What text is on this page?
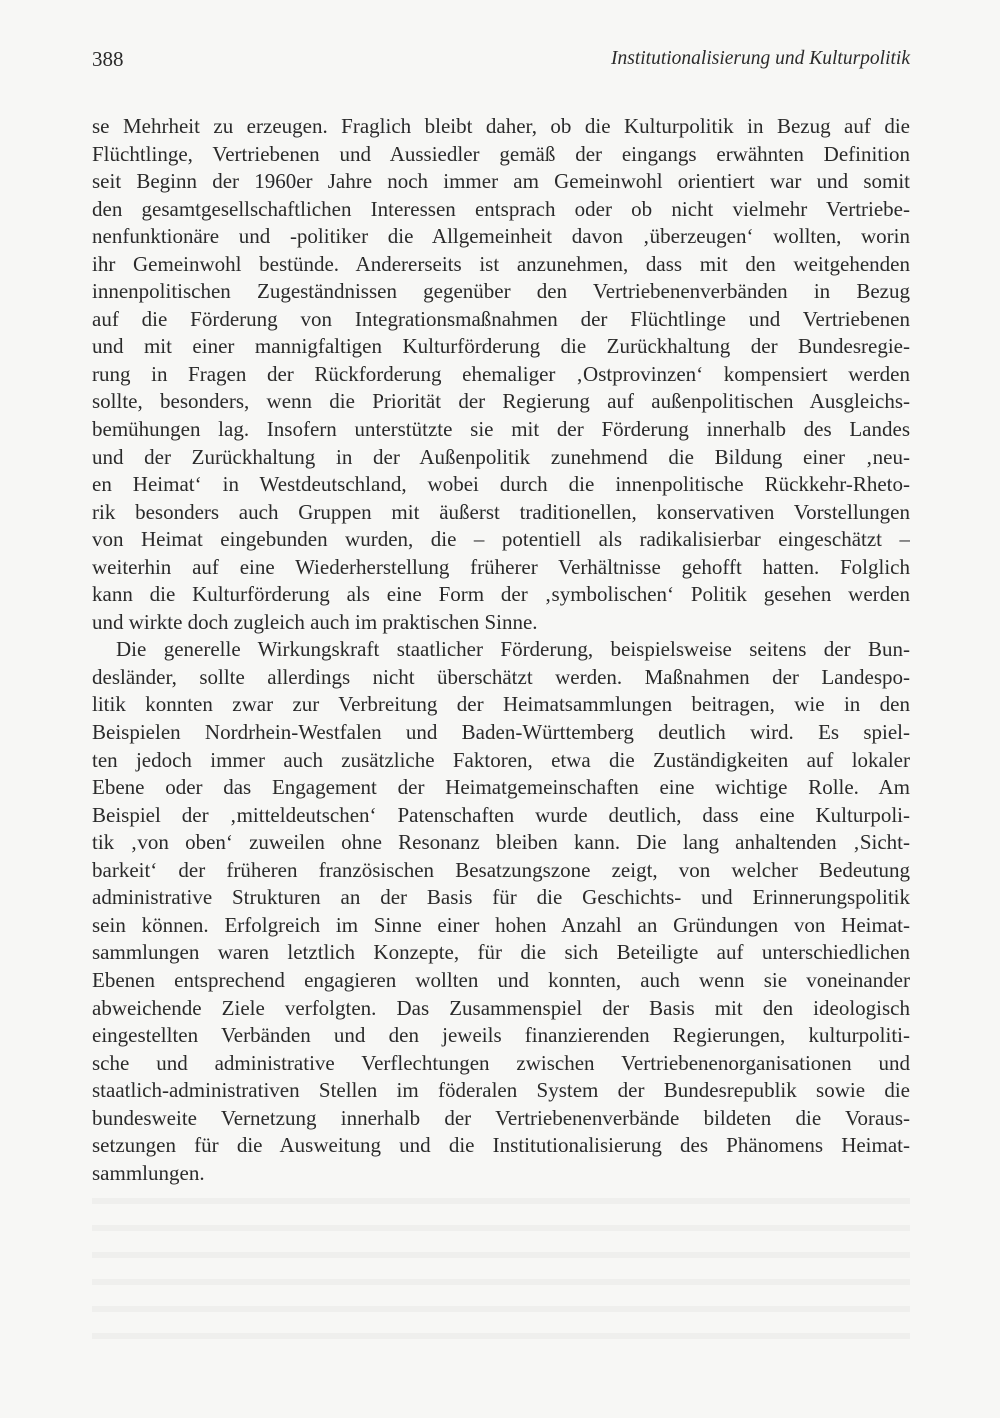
388	Institutionalisierung und Kulturpolitik
se Mehrheit zu erzeugen. Fraglich bleibt daher, ob die Kulturpolitik in Bezug auf die
Flüchtlinge, Vertriebenen und Aussiedler gemäß der eingangs erwähnten Definition
seit Beginn der 1960er Jahre noch immer am Gemeinwohl orientiert war und somit
den gesamtgesellschaftlichen Interessen entsprach oder ob nicht vielmehr Vertriebe-
nenfunktionäre und -politiker die Allgemeinheit davon ‚überzeugen‘ wollten, worin
ihr Gemeinwohl bestünde. Andererseits ist anzunehmen, dass mit den weitgehenden
innenpolitischen Zugeständnissen gegenüber den Vertriebenenverbänden in Bezug
auf die Förderung von Integrationsmaßnahmen der Flüchtlinge und Vertriebenen
und mit einer mannigfaltigen Kulturförderung die Zurückhaltung der Bundesregie-
rung in Fragen der Rückforderung ehemaliger ‚Ostprovinzen‘ kompensiert werden
sollte, besonders, wenn die Priorität der Regierung auf außenpolitischen Ausgleichs-
bemühungen lag. Insofern unterstützte sie mit der Förderung innerhalb des Landes
und der Zurückhaltung in der Außenpolitik zunehmend die Bildung einer ‚neu-
en Heimat‘ in Westdeutschland, wobei durch die innenpolitische Rückkehr-Rheto-
rik besonders auch Gruppen mit äußerst traditionellen, konservativen Vorstellungen
von Heimat eingebunden wurden, die – potentiell als radikalisierbar eingeschätzt –
weiterhin auf eine Wiederherstellung früherer Verhältnisse gehofft hatten. Folglich
kann die Kulturförderung als eine Form der ‚symbolischen‘ Politik gesehen werden
und wirkte doch zugleich auch im praktischen Sinne.
Die generelle Wirkungskraft staatlicher Förderung, beispielsweise seitens der Bun-
desländer, sollte allerdings nicht überschätzt werden. Maßnahmen der Landespo-
litik konnten zwar zur Verbreitung der Heimatsammlungen beitragen, wie in den
Beispielen Nordrhein-Westfalen und Baden-Württemberg deutlich wird. Es spiel-
ten jedoch immer auch zusätzliche Faktoren, etwa die Zuständigkeiten auf lokaler
Ebene oder das Engagement der Heimatgemeinschaften eine wichtige Rolle. Am
Beispiel der ‚mitteldeutschen‘ Patenschaften wurde deutlich, dass eine Kulturpoli-
tik ‚von oben‘ zuweilen ohne Resonanz bleiben kann. Die lang anhaltenden ‚Sicht-
barkeit‘ der früheren französischen Besatzungszone zeigt, von welcher Bedeutung
administrative Strukturen an der Basis für die Geschichts- und Erinnerungspolitik
sein können. Erfolgreich im Sinne einer hohen Anzahl an Gründungen von Heimat-
sammlungen waren letztlich Konzepte, für die sich Beteiligte auf unterschiedlichen
Ebenen entsprechend engagieren wollten und konnten, auch wenn sie voneinander
abweichende Ziele verfolgten. Das Zusammenspiel der Basis mit den ideologisch
eingestellten Verbänden und den jeweils finanzierenden Regierungen, kulturpoliti-
sche und administrative Verflechtungen zwischen Vertriebenenorganisationen und
staatlich-administrativen Stellen im föderalen System der Bundesrepublik sowie die
bundesweite Vernetzung innerhalb der Vertriebenenverbände bildeten die Voraus-
setzungen für die Ausweitung und die Institutionalisierung des Phänomens Heimat-
sammlungen.
